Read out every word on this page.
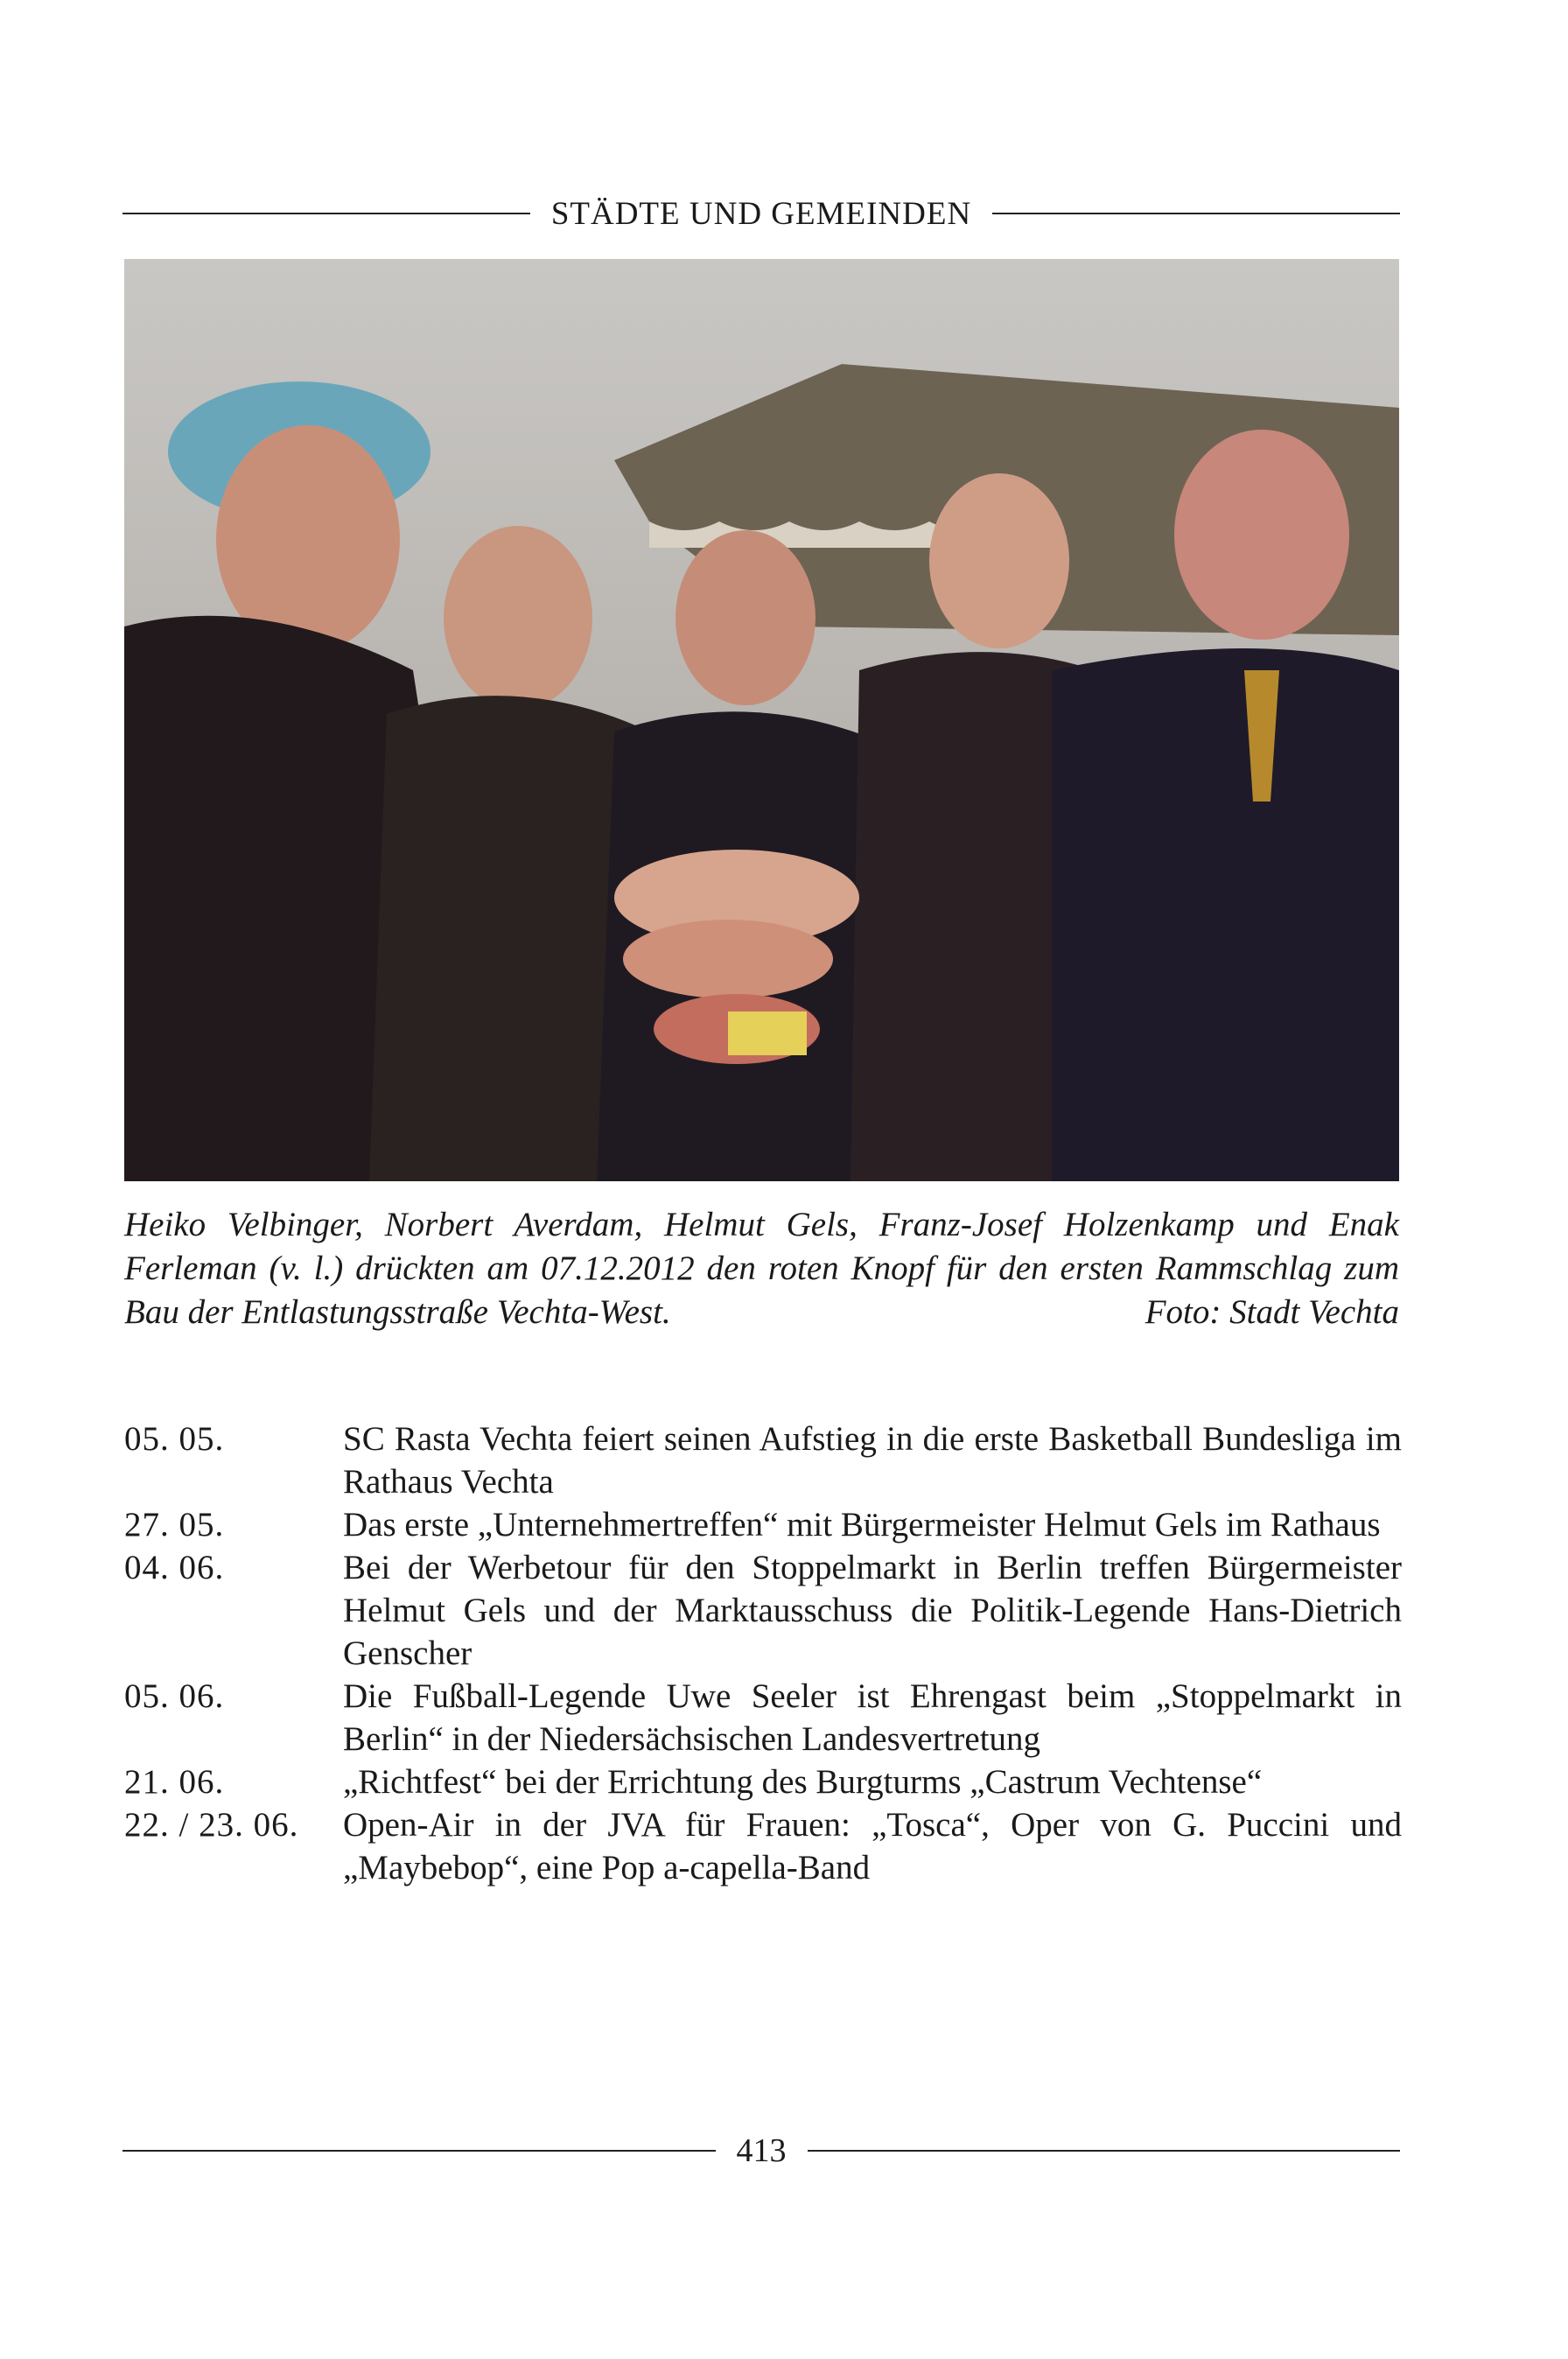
STÄDTE UND GEMEINDEN
Heiko Velbinger, Norbert Averdam, Helmut Gels, Franz-Josef Holzenkamp und Enak Ferleman (v. l.) drückten am 07.12.2012 den roten Knopf für den ersten Rammschlag zum Bau der Entlastungsstraße Vechta-West.	Foto: Stadt Vechta
05. 05.	SC Rasta Vechta feiert seinen Aufstieg in die erste Basketball Bundesliga im Rathaus Vechta
27. 05.	Das erste „Unternehmertreffen“ mit Bürgermeister Helmut Gels im Rathaus
04. 06.	Bei der Werbetour für den Stoppelmarkt in Berlin treffen Bürgermeister Helmut Gels und der Marktausschuss die Politik-Legende Hans-Dietrich Genscher
05. 06.	Die Fußball-Legende Uwe Seeler ist Ehrengast beim „Stoppelmarkt in Berlin“ in der Niedersächsischen Landesvertretung
21. 06.	„Richtfest“ bei der Errichtung des Burgturms „Castrum Vechtense“
22. / 23. 06.	Open-Air in der JVA für Frauen: „Tosca“, Oper von G. Puccini und „Maybebop“, eine Pop a-capella-Band
413
